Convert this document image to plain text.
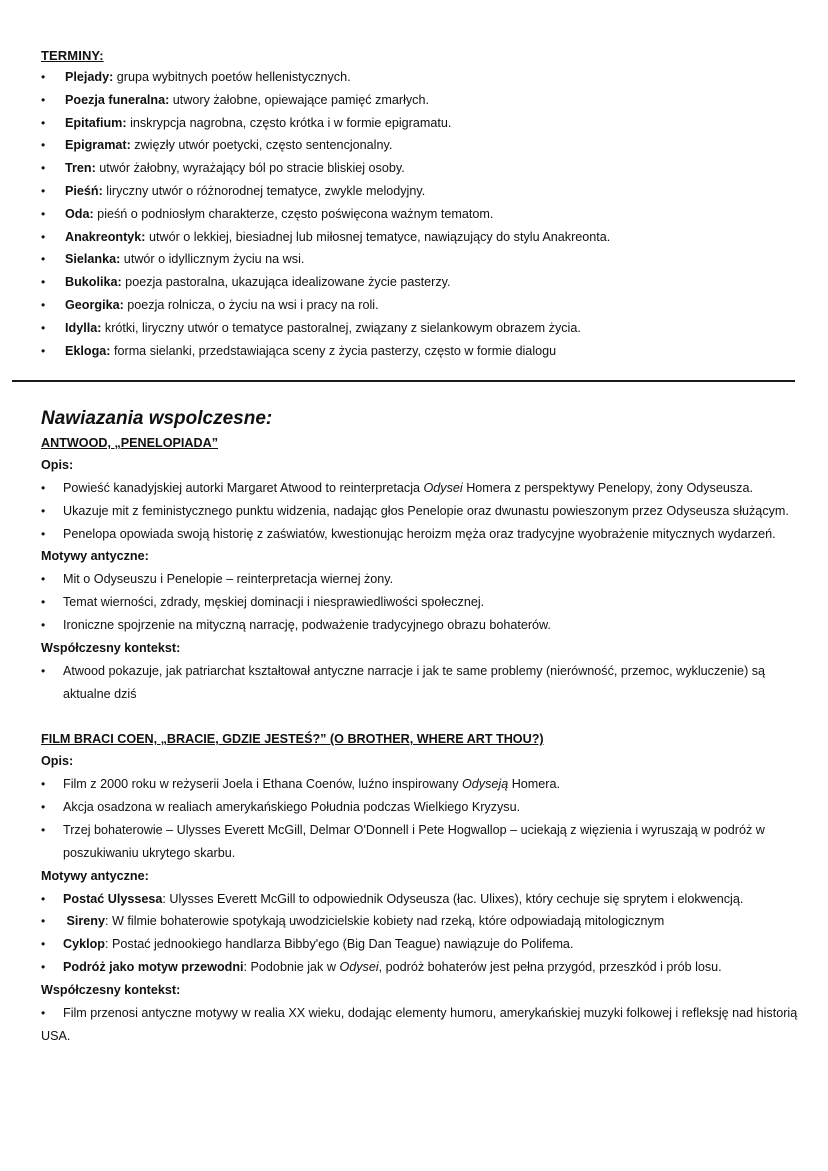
TERMINY:
• Plejady: grupa wybitnych poetów hellenistycznych.
• Poezja funeralna: utwory żałobne, opiewające pamięć zmarłych.
• Epitafium: inskrypcja nagrobna, często krótka i w formie epigramatu.
• Epigramat: zwięzły utwór poetycki, często sentencjonalny.
• Tren: utwór żałobny, wyrażający ból po stracie bliskiej osoby.
• Pieśń: liryczny utwór o różnorodnej tematyce, zwykle melodyjny.
• Oda: pieśń o podniosłym charakterze, często poświęcona ważnym tematom.
• Anakreontyk: utwór o lekkiej, biesiadnej lub miłosnej tematyce, nawiązujący do stylu Anakreonta.
• Sielanka: utwór o idyllicznym życiu na wsi.
• Bukolika: poezja pastoralna, ukazująca idealizowane życie pasterzy.
• Georgika: poezja rolnicza, o życiu na wsi i pracy na roli.
• Idylla: krótki, liryczny utwór o tematyce pastoralnej, związany z sielankowym obrazem życia.
• Ekloga: forma sielanki, przedstawiająca sceny z życia pasterzy, często w formie dialogu
Nawiazania wspolczesne:
ANTWOOD, „PENELOPIADA”
Opis:
• Powieść kanadyjskiej autorki Margaret Atwood to reinterpretacja Odysei Homera z perspektywy Penelopy, żony Odyseusza.
• Ukazuje mit z feministycznego punktu widzenia, nadając głos Penelopie oraz dwunastu powieszonym przez Odyseusza służącym.
• Penelopa opowiada swoją historię z zaświatów, kwestionując heroizm męża oraz tradycyjne wyobrażenie mitycznych wydarzeń.
Motywy antyczne:
• Mit o Odyseuszu i Penelopie – reinterpretacja wiernej żony.
• Temat wierności, zdrady, męskiej dominacji i niesprawiedliwości społecznej.
• Ironiczne spojrzenie na mityczną narrację, podważenie tradycyjnego obrazu bohaterów.
Współczesny kontekst:
• Atwood pokazuje, jak patriarchat kształtował antyczne narracje i jak te same problemy (nierówność, przemoc, wykluczenie) są aktualne dziś
FILM BRACI COEN, „BRACIE, GDZIE JESTEŚ?” (O BROTHER, WHERE ART THOU?)
Opis:
• Film z 2000 roku w reżyserii Joela i Ethana Coenów, luźno inspirowany Odyseją Homera.
• Akcja osadzona w realiach amerykańskiego Południa podczas Wielkiego Kryzysu.
• Trzej bohaterowie – Ulysses Everett McGill, Delmar O'Donnell i Pete Hogwallop – uciekają z więzienia i wyruszają w podróż w poszukiwaniu ukrytego skarbu.
Motywy antyczne:
• Postać Ulyssesa: Ulysses Everett McGill to odpowiednik Odyseusza (łac. Ulixes), który cechuje się sprytem i elokwencją.
• Sireny: W filmie bohaterowie spotykają uwodzicielskie kobiety nad rzeką, które odpowiadają mitologicznym
• Cyklop: Postać jednookiego handlarza Bibby'ego (Big Dan Teague) nawiązuje do Polifema.
• Podróż jako motyw przewodni: Podobnie jak w Odysei, podróż bohaterów jest pełna przygód, przeszkód i prób losu.
Współczesny kontekst:
• Film przenosi antyczne motywy w realia XX wieku, dodając elementy humoru, amerykańskiej muzyki folkowej i refleksję nad historią USA.
